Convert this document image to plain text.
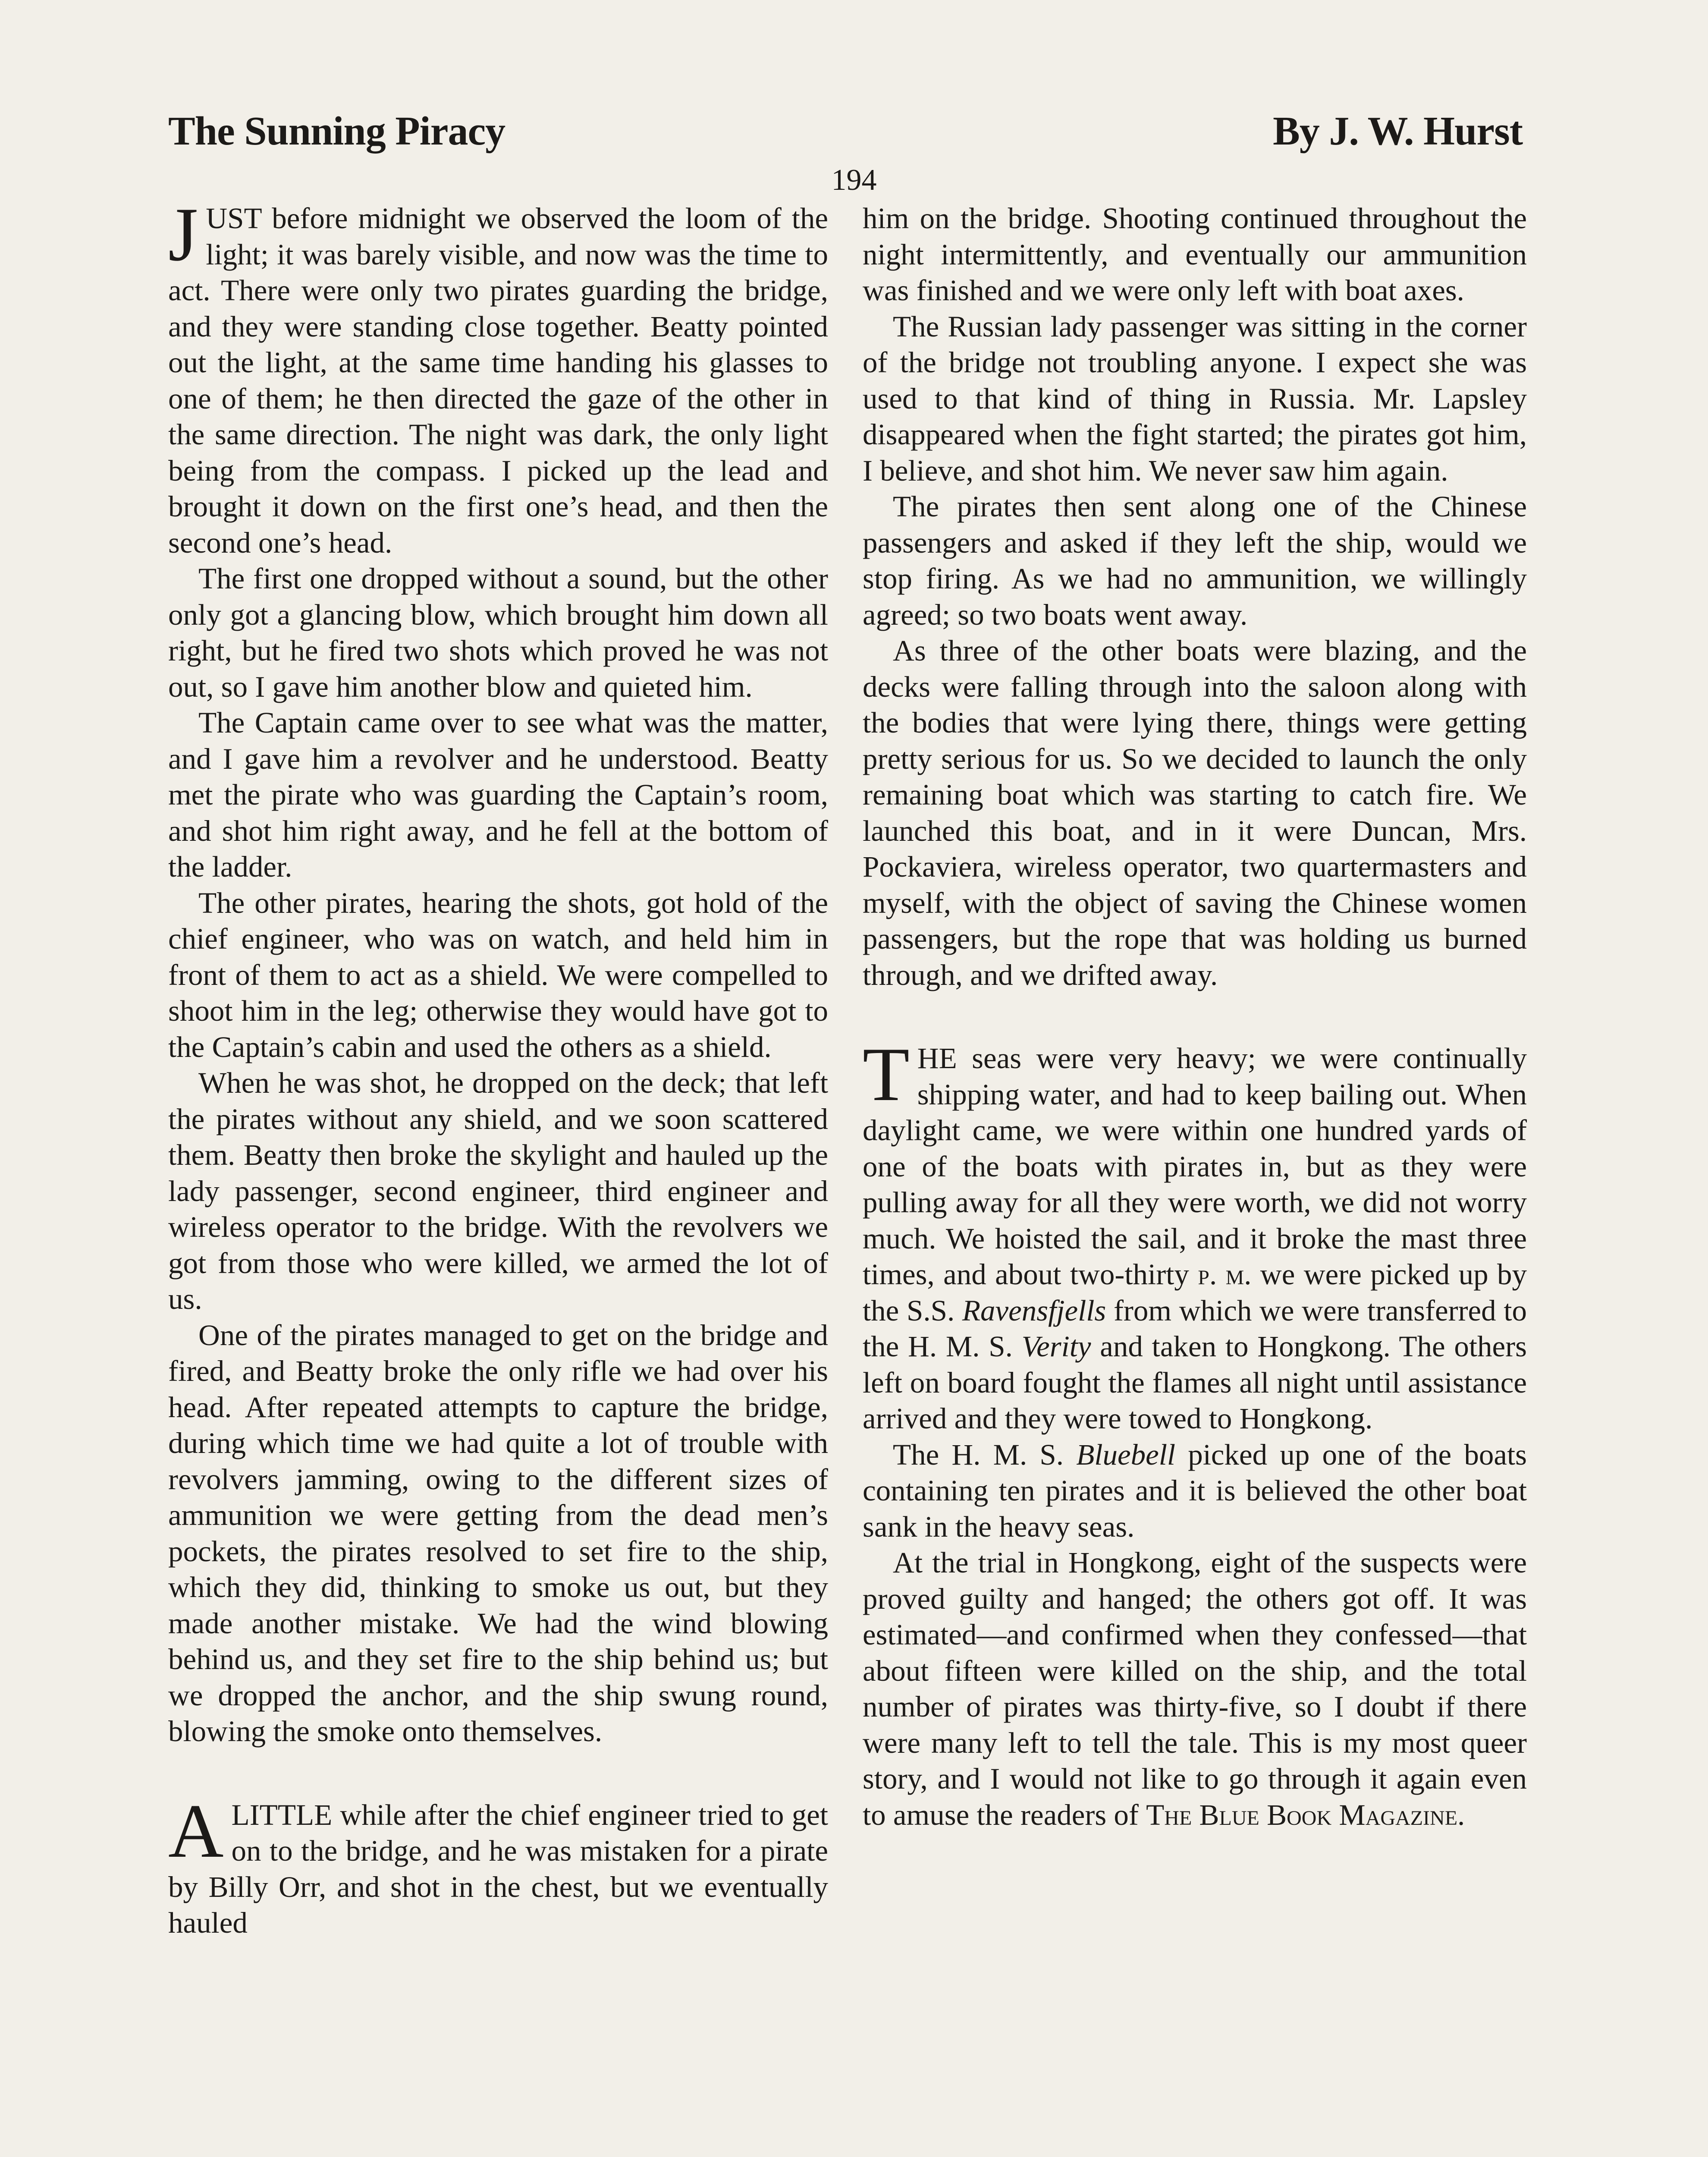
The Sunning Piracy	By J. W. Hurst
194

JUST before midnight we observed the loom of the light; it was barely visible, and now was the time to act. There were only two pirates guarding the bridge, and they were standing close together. Beatty pointed out the light, at the same time handing his glasses to one of them; he then directed the gaze of the other in the same direction. The night was dark, the only light being from the compass. I picked up the lead and brought it down on the first one’s head, and then the second one’s head.

The first one dropped without a sound, but the other only got a glancing blow, which brought him down all right, but he fired two shots which proved he was not out, so I gave him another blow and quieted him.

The Captain came over to see what was the matter, and I gave him a revolver and he understood. Beatty met the pirate who was guarding the Captain’s room, and shot him right away, and he fell at the bottom of the ladder.

The other pirates, hearing the shots, got hold of the chief engineer, who was on watch, and held him in front of them to act as a shield. We were compelled to shoot him in the leg; otherwise they would have got to the Captain’s cabin and used the others as a shield.

When he was shot, he dropped on the deck; that left the pirates without any shield, and we soon scattered them. Beatty then broke the skylight and hauled up the lady passenger, second engineer, third engineer and wireless operator to the bridge. With the revolvers we got from those who were killed, we armed the lot of us.

One of the pirates managed to get on the bridge and fired, and Beatty broke the only rifle we had over his head. After repeated attempts to capture the bridge, during which time we had quite a lot of trouble with revolvers jamming, owing to the different sizes of ammunition we were getting from the dead men’s pockets, the pirates resolved to set fire to the ship, which they did, thinking to smoke us out, but they made another mistake. We had the wind blowing behind us, and they set fire to the ship behind us; but we dropped the anchor, and the ship swung round, blowing the smoke onto themselves.

ALITTLE while after the chief engineer tried to get on to the bridge, and he was mistaken for a pirate by Billy Orr, and shot in the chest, but we eventually hauled

him on the bridge. Shooting continued throughout the night intermittently, and eventually our ammunition was finished and we were only left with boat axes.

The Russian lady passenger was sitting in the corner of the bridge not troubling anyone. I expect she was used to that kind of thing in Russia. Mr. Lapsley disappeared when the fight started; the pirates got him, I believe, and shot him. We never saw him again.

The pirates then sent along one of the Chinese passengers and asked if they left the ship, would we stop firing. As we had no ammunition, we willingly agreed; so two boats went away.

As three of the other boats were blazing, and the decks were falling through into the saloon along with the bodies that were lying there, things were getting pretty serious for us. So we decided to launch the only remaining boat which was starting to catch fire. We launched this boat, and in it were Duncan, Mrs. Pockaviera, wireless operator, two quartermasters and myself, with the object of saving the Chinese women passengers, but the rope that was holding us burned through, and we drifted away.

THE seas were very heavy; we were continually shipping water, and had to keep bailing out. When daylight came, we were within one hundred yards of one of the boats with pirates in, but as they were pulling away for all they were worth, we did not worry much. We hoisted the sail, and it broke the mast three times, and about two-thirty p. m. we were picked up by the S.S. Ravensfjells from which we were transferred to the H. M. S. Verity and taken to Hongkong. The others left on board fought the flames all night until assistance arrived and they were towed to Hongkong.

The H. M. S. Bluebell picked up one of the boats containing ten pirates and it is believed the other boat sank in the heavy seas.

At the trial in Hongkong, eight of the suspects were proved guilty and hanged; the others got off. It was estimated—and confirmed when they confessed—that about fifteen were killed on the ship, and the total number of pirates was thirty-five, so I doubt if there were many left to tell the tale. This is my most queer story, and I would not like to go through it again even to amuse the readers of The Blue Book Magazine.
